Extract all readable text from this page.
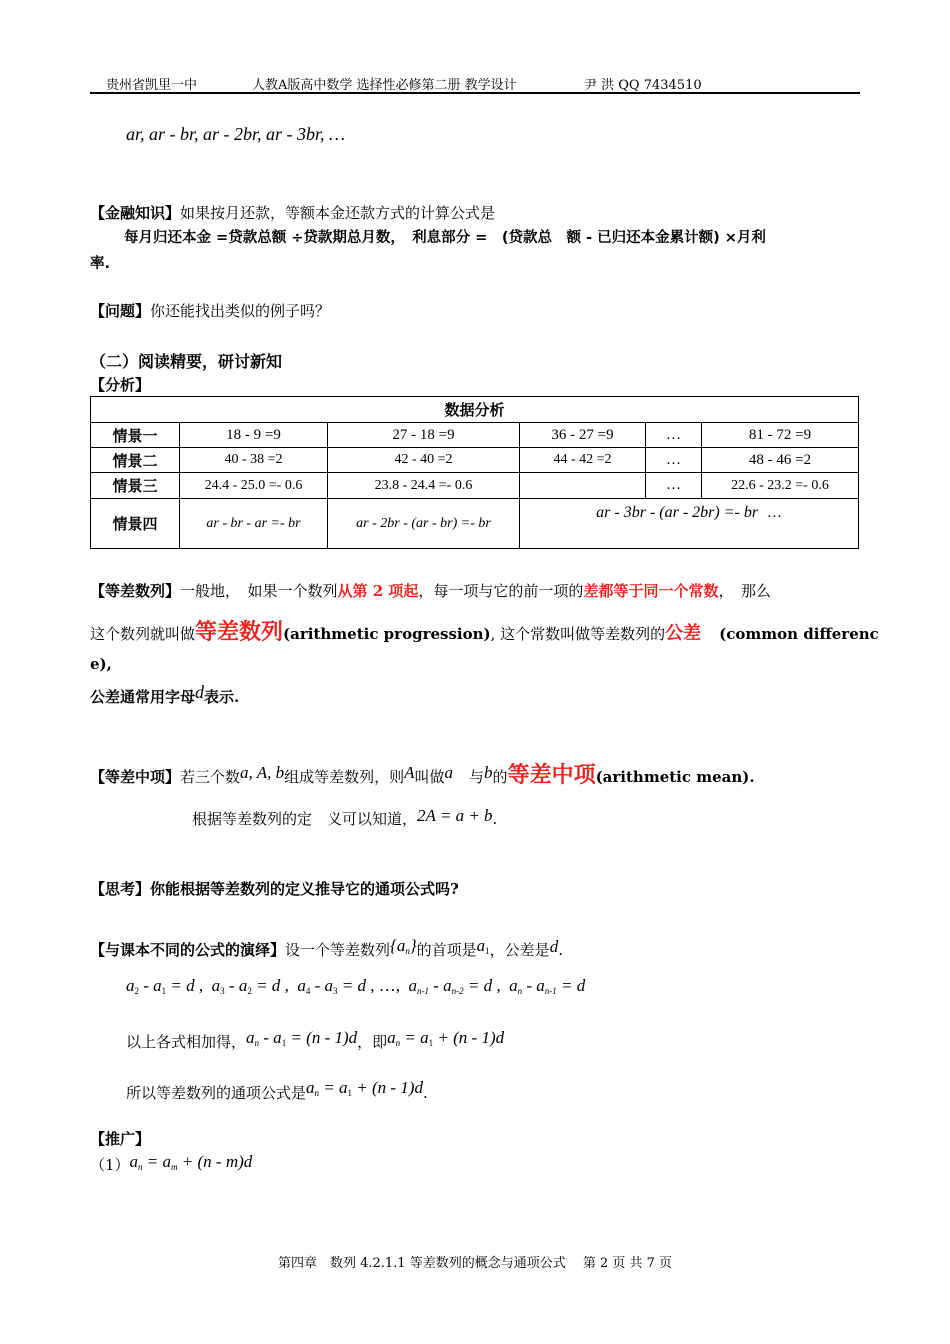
贵州省凯里一中	人教A版高中数学 选择性必修第二册 教学设计	尹 洪 QQ 7434510
ar, ar - br, ar - 2br, ar - 3br, …
【金融知识】如果按月还款，等额本金还款方式的计算公式是
每月归还本金 =贷款总额 ÷贷款期总月数，　利息部分 =　(贷款总　额 - 已归还本金累计额) ×月利
率.
【问题】你还能找出类似的例子吗？
（二）阅读精要，研讨新知
【分析】
数据分析					
情景一	18 - 9 =9	27 - 18 =9	36 - 27 =9	…	81 - 72 =9
情景二	40 - 38 =2	42 - 40 =2	44 - 42 =2	…	48 - 46 =2
情景三	24.4 - 25.0 =- 0.6	23.8 - 24.4 =- 0.6		…	22.6 - 23.2 =- 0.6
情景四	ar - br - ar =- br	ar - 2br - (ar - br) =- br	ar - 3br - (ar - 2br) =- br …		
【等差数列】一般地，　如果一个数列从第 2 项起，每一项与它的前一项的差都等于同一个常数，　那么
这个数列就叫做等差数列(arithmetic progression), 这个常数叫做等差数列的公差 (common differenc
e),
公差通常用字母d表示.
【等差中项】若三个数a, A, b组成等差数列，则A叫做a 与b的等差中项(arithmetic mean).
根据等差数列的定　义可以知道，2A = a + b.
【思考】你能根据等差数列的定义推导它的通项公式吗?
【与课本不同的公式的演绎】设一个等差数列$\{a_n\}$的首项是$a_1$，公差是d.
$a_2 - a_1 = d$ ,  $a_3 - a_2 = d$ ,  $a_4 - a_3 = d$ , …,  $a_{n-1} - a_{n-2} = d$ ,  $a_n - a_{n-1} = d$
以上各式相加得，$a_n - a_1 = (n - 1)d$，即$a_n = a_1 + (n - 1)d$
所以等差数列的通项公式是$a_n = a_1 + (n - 1)d$.
【推广】
$(1)a_n = a_m + (n - m)d$
第四章　数列 4.2.1.1 等差数列的概念与通项公式　 第 2 页 共 7 页
